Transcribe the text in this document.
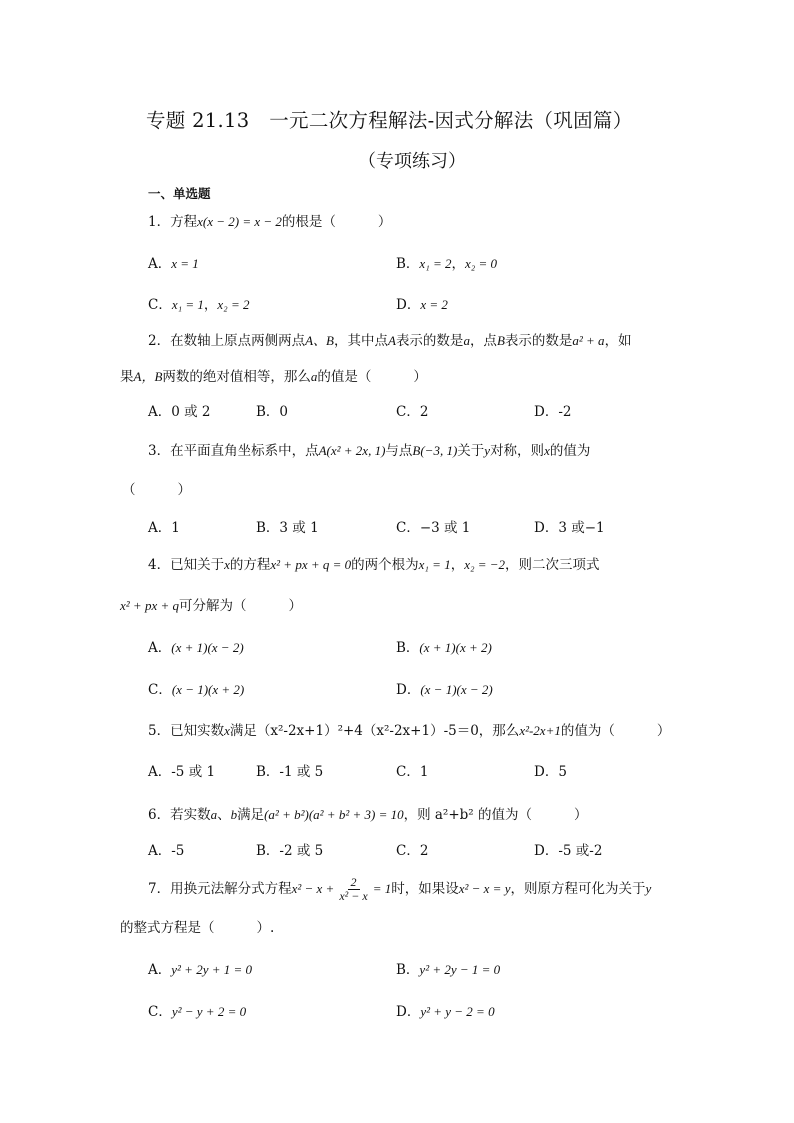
专题 21.13　一元二次方程解法-因式分解法（巩固篇）
（专项练习）
一、单选题
1．方程x(x − 2) = x − 2的根是（	）
A．x = 1	B．x₁ = 2，x₂ = 0
C．x₁ = 1，x₂ = 2	D．x = 2
2．在数轴上原点两侧两点A、B，其中点A表示的数是a，点B表示的数是a² + a，如
果A，B两数的绝对值相等，那么a的值是（	）
A．0 或 2	B．0	C．2	D．-2
3．在平面直角坐标系中，点A(x² + 2x, 1)与点B(−3, 1)关于y对称，则x的值为
（	）
A．1	B．3 或 1	C．−3 或 1	D．3 或−1
4．已知关于x的方程x² + px + q = 0的两个根为x₁ = 1，x₂ = −2，则二次三项式
x² + px + q可分解为（	）
A．(x + 1)(x − 2)	B．(x + 1)(x + 2)
C．(x − 1)(x + 2)	D．(x − 1)(x − 2)
5．已知实数x满足（x²-2x+1）²+4（x²-2x+1）-5＝0，那么x²-2x+1的值为（	）
A．-5 或 1	B．-1 或 5	C．1	D．5
6．若实数a、b满足(a² + b²)(a² + b² + 3) = 10，则 a²+b² 的值为（	）
A．-5	B．-2 或 5	C．2	D．-5 或-2
7．用换元法解分式方程$x^2 - x + \frac{2}{\text{x² − x}} = 1$时，如果设x² − x = y，则原方程可化为关于y
的整式方程是（	）.
A．y² + 2y + 1 = 0	B．y² + 2y − 1 = 0
C．y² − y + 2 = 0	D．y² + y − 2 = 0
